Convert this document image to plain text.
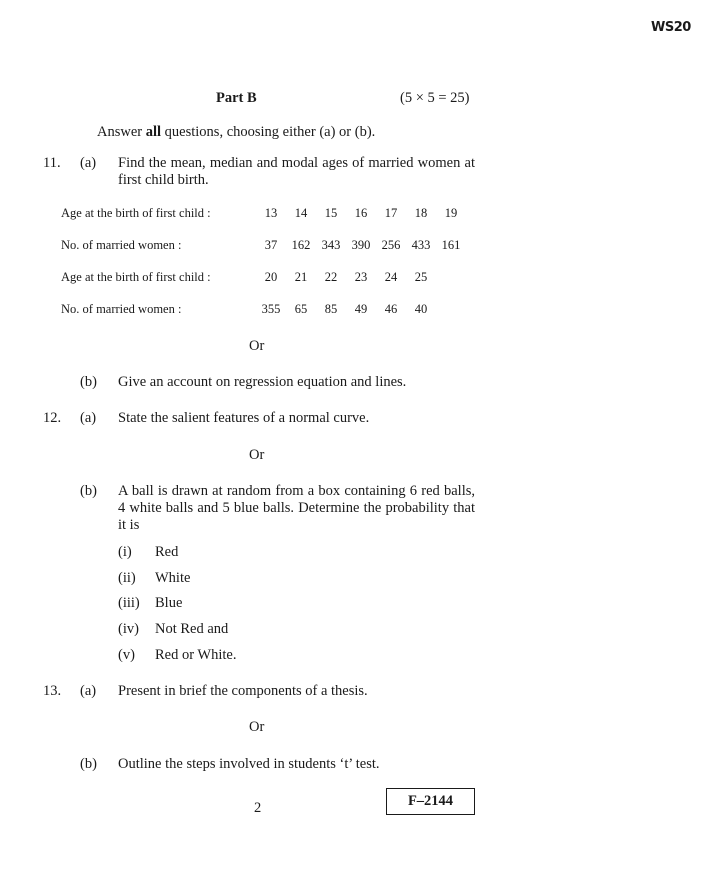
WS20
Part B	(5 × 5 = 25)
Answer all questions, choosing either (a) or (b).
11. (a) Find the mean, median and modal ages of married women at first child birth.
Age at the birth of first child :	13 14 15 16 17 18 19
No. of married women :	37 162 343 390 256 433 161
Age at the birth of first child :	20 21 22 23 24 25
No. of married women :	355 65 85 49 46 40
Or
(b) Give an account on regression equation and lines.
12. (a) State the salient features of a normal curve.
Or
(b) A ball is drawn at random from a box containing 6 red balls, 4 white balls and 5 blue balls. Determine the probability that it is
(i) Red
(ii) White
(iii) Blue
(iv) Not Red and
(v) Red or White.
13. (a) Present in brief the components of a thesis.
Or
(b) Outline the steps involved in students ‘t’ test.
2	F–2144
